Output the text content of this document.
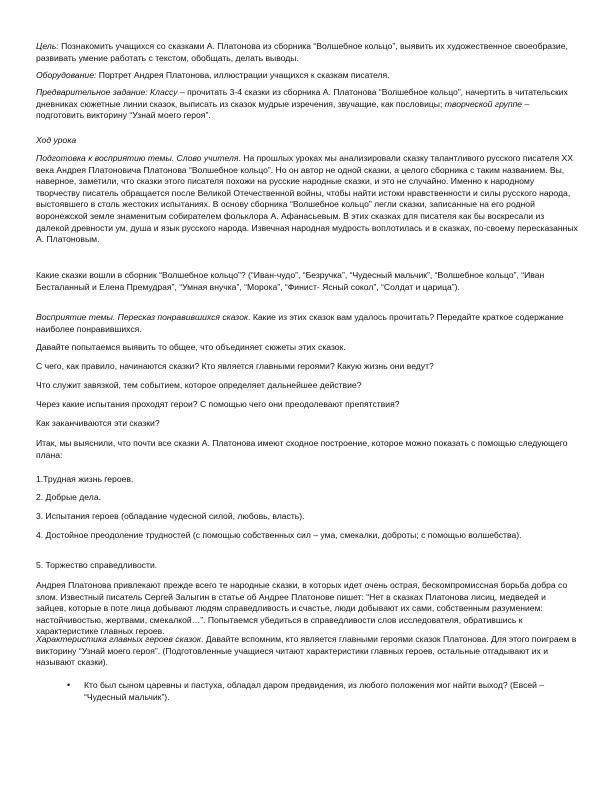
Цель: Познакомить учащихся со сказками А. Платонова из сборника “Волшебное кольцо”, выявить их художественное своеобразие, развивать умение работать с текстом, обобщать, делать выводы.

Оборудование: Портрет Андрея Платонова, иллюстрации учащихся к сказкам писателя.

Предварительное задание: Классу – прочитать 3-4 сказки из сборника А. Платонова “Волшебное кольцо”, начертить в читательских дневниках сюжетные линии сказок, выписать из сказок мудрые изречения, звучащие, как пословицы; творческой группе – подготовить викторину “Узнай моего героя”.

Ход урока

Подготовка к восприятию темы. Слово учителя. На прошлых уроках мы анализировали сказку талантливого русского писателя ХХ века Андрея Платоновича Платонова “Волшебное кольцо”. Но он автор не одной сказки, а целого сборника с таким названием. Вы, наверное, заметили, что сказки этого писателя похожи на русские народные сказки, и это не случайно. Именно к народному творчеству писатель обращается после Великой Отечественной войны, чтобы найти истоки нравственности и силы русского народа, выстоявшего в столь жестоких испытаниях. В основу сборника “Волшебное кольцо” легли сказки, записанные на его родной воронежской земле знаменитым собирателем фольклора А. Афанасьевым. В этих сказках для писателя как бы воскресали из далекой древности ум, душа и язык русского народа. Извечная народная мудрость воплотилась и в сказках, по-своему пересказанных А. Платоновым.

Какие сказки вошли в сборник “Волшебное кольцо”? (“Иван-чудо”, “Безручка”, “Чудесный мальчик”, “Волшебное кольцо”, “Иван Бесталанный и Елена Премудрая”, “Умная внучка”, “Морока”, “Финист- Ясный сокол”, “Солдат и царица”).

Восприятие темы. Пересказ понравившихся сказок. Какие из этих сказок вам удалось прочитать? Передайте краткое содержание наиболее понравившихся.

Давайте попытаемся выявить то общее, что объединяет сюжеты этих сказок.

С чего, как правило, начинаются сказки? Кто является главными героями? Какую жизнь они ведут?

Что служит завязкой, тем событием, которое определяет дальнейшее действие?

Через какие испытания проходят герои? С помощью чего они преодолевают препятствия?

Как заканчиваются эти сказки?

Итак, мы выяснили, что почти все сказки А. Платонова имеют сходное построение, которое можно показать с помощью следующего плана:

1.Трудная жизнь героев.

2. Добрые дела.

3. Испытания героев (обладание чудесной силой, любовь, власть).

4. Достойное преодоление трудностей (с помощью собственных сил – ума, смекалки, доброты; с помощью волшебства).

5. Торжество справедливости.

Андрея Платонова привлекают прежде всего те народные сказки, в которых идет очень острая, бескомпромиссная борьба добра со злом. Известный писатель Сергей Залыгин в статье об Андрее Платонове пишет: “Нет в сказках Платонова лисиц, медведей и зайцев, которые в поте лица добывают людям справедливость и счастье, люди добывают их сами, собственным разумением: настойчивостью, жертвами, смекалкой…”. Попытаемся убедиться в справедливости слов исследователя, обратившись к характеристике главных героев.

Характеристика главных героев сказок. Давайте вспомним, кто является главными героями сказок Платонова. Для этого поиграем в викторину “Узнай моего героя”. (Подготовленные учащиеся читают характеристики главных героев, остальные отгадывают их и называют сказки).

• Кто был сыном царевны и пастуха, обладал даром предвидения, из любого положения мог найти выход? (Евсей – “Чудесный мальчик”).
